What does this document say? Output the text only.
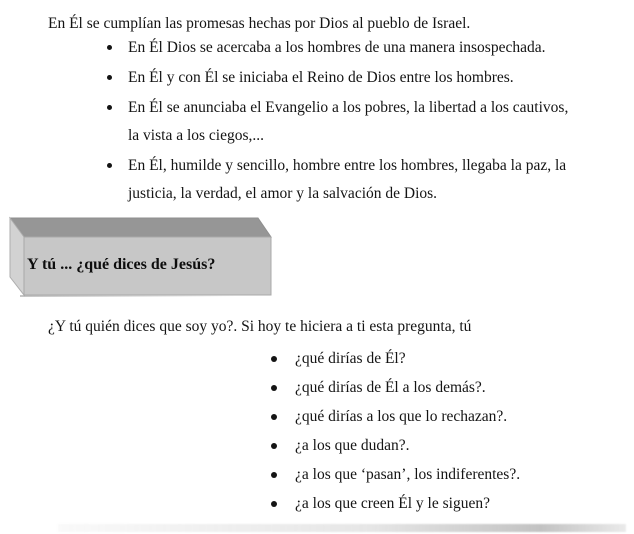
En Él se cumplían las promesas hechas por Dios al pueblo de Israel.
En Él Dios se acercaba a los hombres de una manera insospechada.
En Él y con Él se iniciaba el Reino de Dios entre los hombres.
En Él se anunciaba el Evangelio a los pobres, la libertad a los cautivos,
la vista a los ciegos,...
En Él, humilde y sencillo, hombre entre los hombres, llegaba la paz, la
justicia, la verdad, el amor y la salvación de Dios.
Y tú ... ¿qué dices de Jesús?
¿Y tú quién dices que soy yo?. Si hoy te hiciera a ti esta pregunta, tú
¿qué dirías de Él?
¿qué dirías de Él a los demás?.
¿qué dirías a los que lo rechazan?.
¿a los que dudan?.
¿a los que ‘pasan’, los indiferentes?.
¿a los que creen Él y le siguen?
